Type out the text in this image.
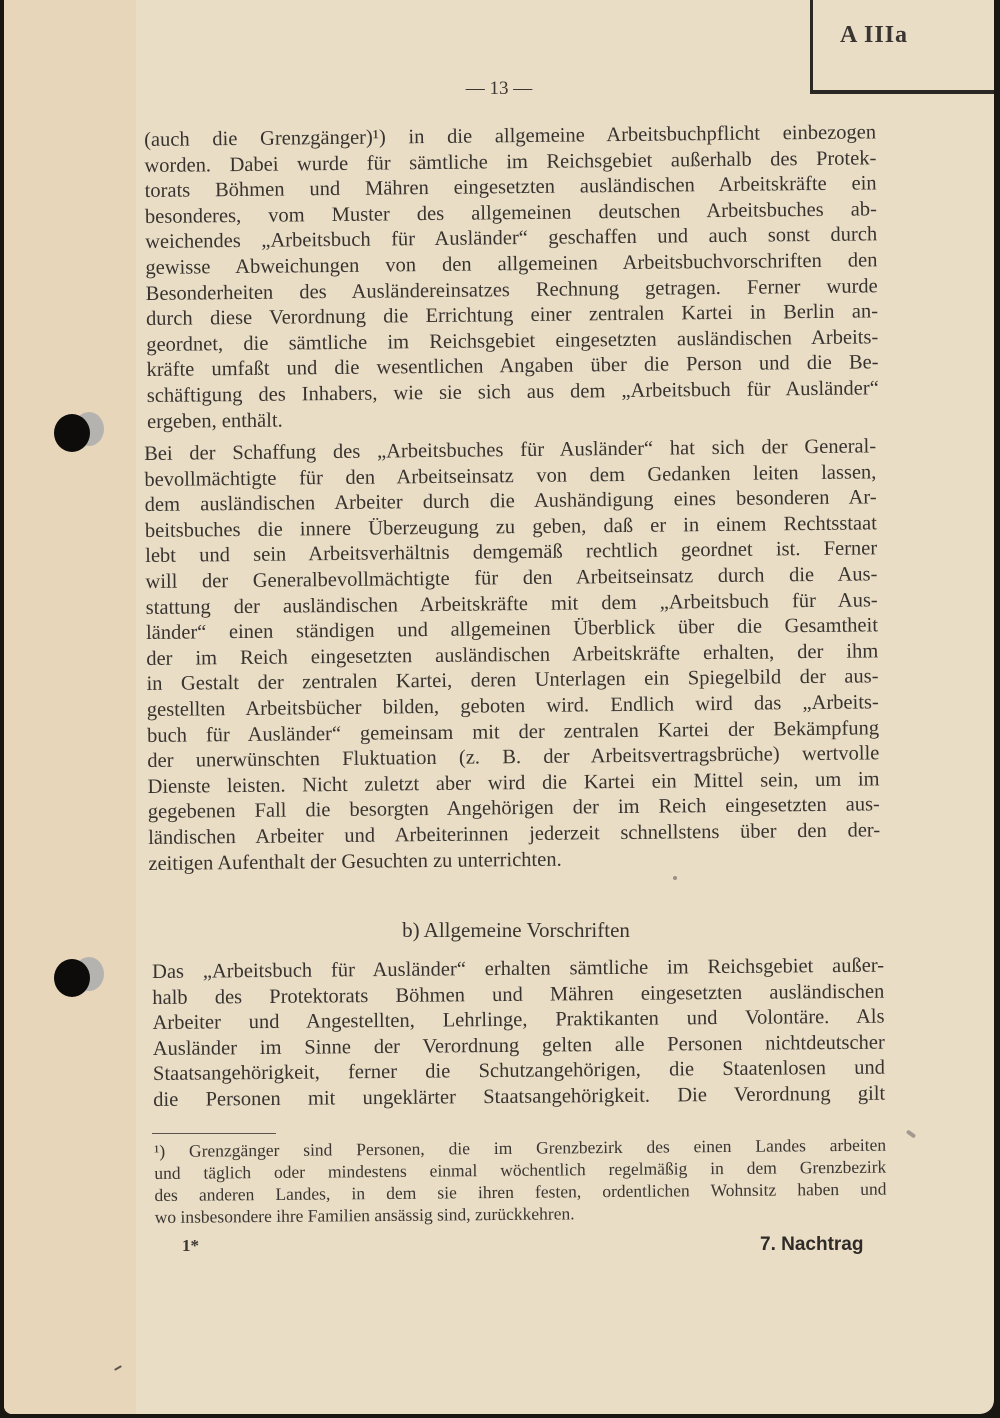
A IIIa
— 13 —
(auch die Grenzgänger)¹) in die allgemeine Arbeitsbuchpflicht einbezogen
worden. Dabei wurde für sämtliche im Reichsgebiet außerhalb des Protek-
torats Böhmen und Mähren eingesetzten ausländischen Arbeitskräfte ein
besonderes, vom Muster des allgemeinen deutschen Arbeitsbuches ab-
weichendes „Arbeitsbuch für Ausländer“ geschaffen und auch sonst durch
gewisse Abweichungen von den allgemeinen Arbeitsbuchvorschriften den
Besonderheiten des Ausländereinsatzes Rechnung getragen. Ferner wurde
durch diese Verordnung die Errichtung einer zentralen Kartei in Berlin an-
geordnet, die sämtliche im Reichsgebiet eingesetzten ausländischen Arbeits-
kräfte umfaßt und die wesentlichen Angaben über die Person und die Be-
schäftigung des Inhabers, wie sie sich aus dem „Arbeitsbuch für Ausländer“
ergeben, enthält.
Bei der Schaffung des „Arbeitsbuches für Ausländer“ hat sich der General-
bevollmächtigte für den Arbeitseinsatz von dem Gedanken leiten lassen,
dem ausländischen Arbeiter durch die Aushändigung eines besonderen Ar-
beitsbuches die innere Überzeugung zu geben, daß er in einem Rechtsstaat
lebt und sein Arbeitsverhältnis demgemäß rechtlich geordnet ist. Ferner
will der Generalbevollmächtigte für den Arbeitseinsatz durch die Aus-
stattung der ausländischen Arbeitskräfte mit dem „Arbeitsbuch für Aus-
länder“ einen ständigen und allgemeinen Überblick über die Gesamtheit
der im Reich eingesetzten ausländischen Arbeitskräfte erhalten, der ihm
in Gestalt der zentralen Kartei, deren Unterlagen ein Spiegelbild der aus-
gestellten Arbeitsbücher bilden, geboten wird. Endlich wird das „Arbeits-
buch für Ausländer“ gemeinsam mit der zentralen Kartei der Bekämpfung
der unerwünschten Fluktuation (z. B. der Arbeitsvertragsbrüche) wertvolle
Dienste leisten. Nicht zuletzt aber wird die Kartei ein Mittel sein, um im
gegebenen Fall die besorgten Angehörigen der im Reich eingesetzten aus-
ländischen Arbeiter und Arbeiterinnen jederzeit schnellstens über den der-
zeitigen Aufenthalt der Gesuchten zu unterrichten.
b) Allgemeine Vorschriften
Das „Arbeitsbuch für Ausländer“ erhalten sämtliche im Reichsgebiet außer-
halb des Protektorats Böhmen und Mähren eingesetzten ausländischen
Arbeiter und Angestellten, Lehrlinge, Praktikanten und Volontäre. Als
Ausländer im Sinne der Verordnung gelten alle Personen nichtdeutscher
Staatsangehörigkeit, ferner die Schutzangehörigen, die Staatenlosen und
die Personen mit ungeklärter Staatsangehörigkeit. Die Verordnung gilt
¹) Grenzgänger sind Personen, die im Grenzbezirk des einen Landes arbeiten
und täglich oder mindestens einmal wöchentlich regelmäßig in dem Grenzbezirk
des anderen Landes, in dem sie ihren festen, ordentlichen Wohnsitz haben und
wo insbesondere ihre Familien ansässig sind, zurückkehren.
1*	7. Nachtrag
